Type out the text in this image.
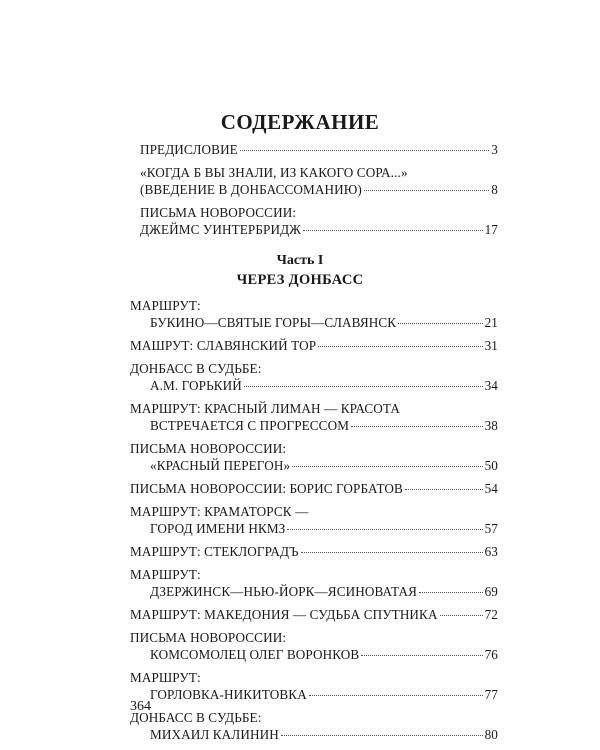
СОДЕРЖАНИЕ
ПРЕДИСЛОВИЕ	3
«КОГДА Б ВЫ ЗНАЛИ, ИЗ КАКОГО СОРА...»
(ВВЕДЕНИЕ В ДОНБАССОМАНИЮ)	8
ПИСЬМА НОВОРОССИИ:
ДЖЕЙМС УИНТЕРБРИДЖ	17
Часть I
ЧЕРЕЗ ДОНБАСС
МАРШРУТ:
БУКИНО—СВЯТЫЕ ГОРЫ—СЛАВЯНСК	21
МАШРУТ: СЛАВЯНСКИЙ ТОР	31
ДОНБАСС В СУДЬБЕ:
А.М. ГОРЬКИЙ	34
МАРШРУТ: КРАСНЫЙ ЛИМАН — КРАСОТА
ВСТРЕЧАЕТСЯ С ПРОГРЕССОМ	38
ПИСЬМА НОВОРОССИИ:
«КРАСНЫЙ ПЕРЕГОН»	50
ПИСЬМА НОВОРОССИИ: БОРИС ГОРБАТОВ	54
МАРШРУТ: КРАМАТОРСК —
ГОРОД ИМЕНИ НКМЗ	57
МАРШРУТ: СТЕКЛОГРАДЪ	63
МАРШРУТ:
ДЗЕРЖИНСК—НЬЮ-ЙОРК—ЯСИНОВАТАЯ	69
МАРШРУТ: МАКЕДОНИЯ — СУДЬБА СПУТНИКА	72
ПИСЬМА НОВОРОССИИ:
КОМСОМОЛЕЦ ОЛЕГ ВОРОНКОВ	76
МАРШРУТ:
ГОРЛОВКА-НИКИТОВКА	77
ДОНБАСС В СУДЬБЕ:
МИХАИЛ КАЛИНИН	80
364
